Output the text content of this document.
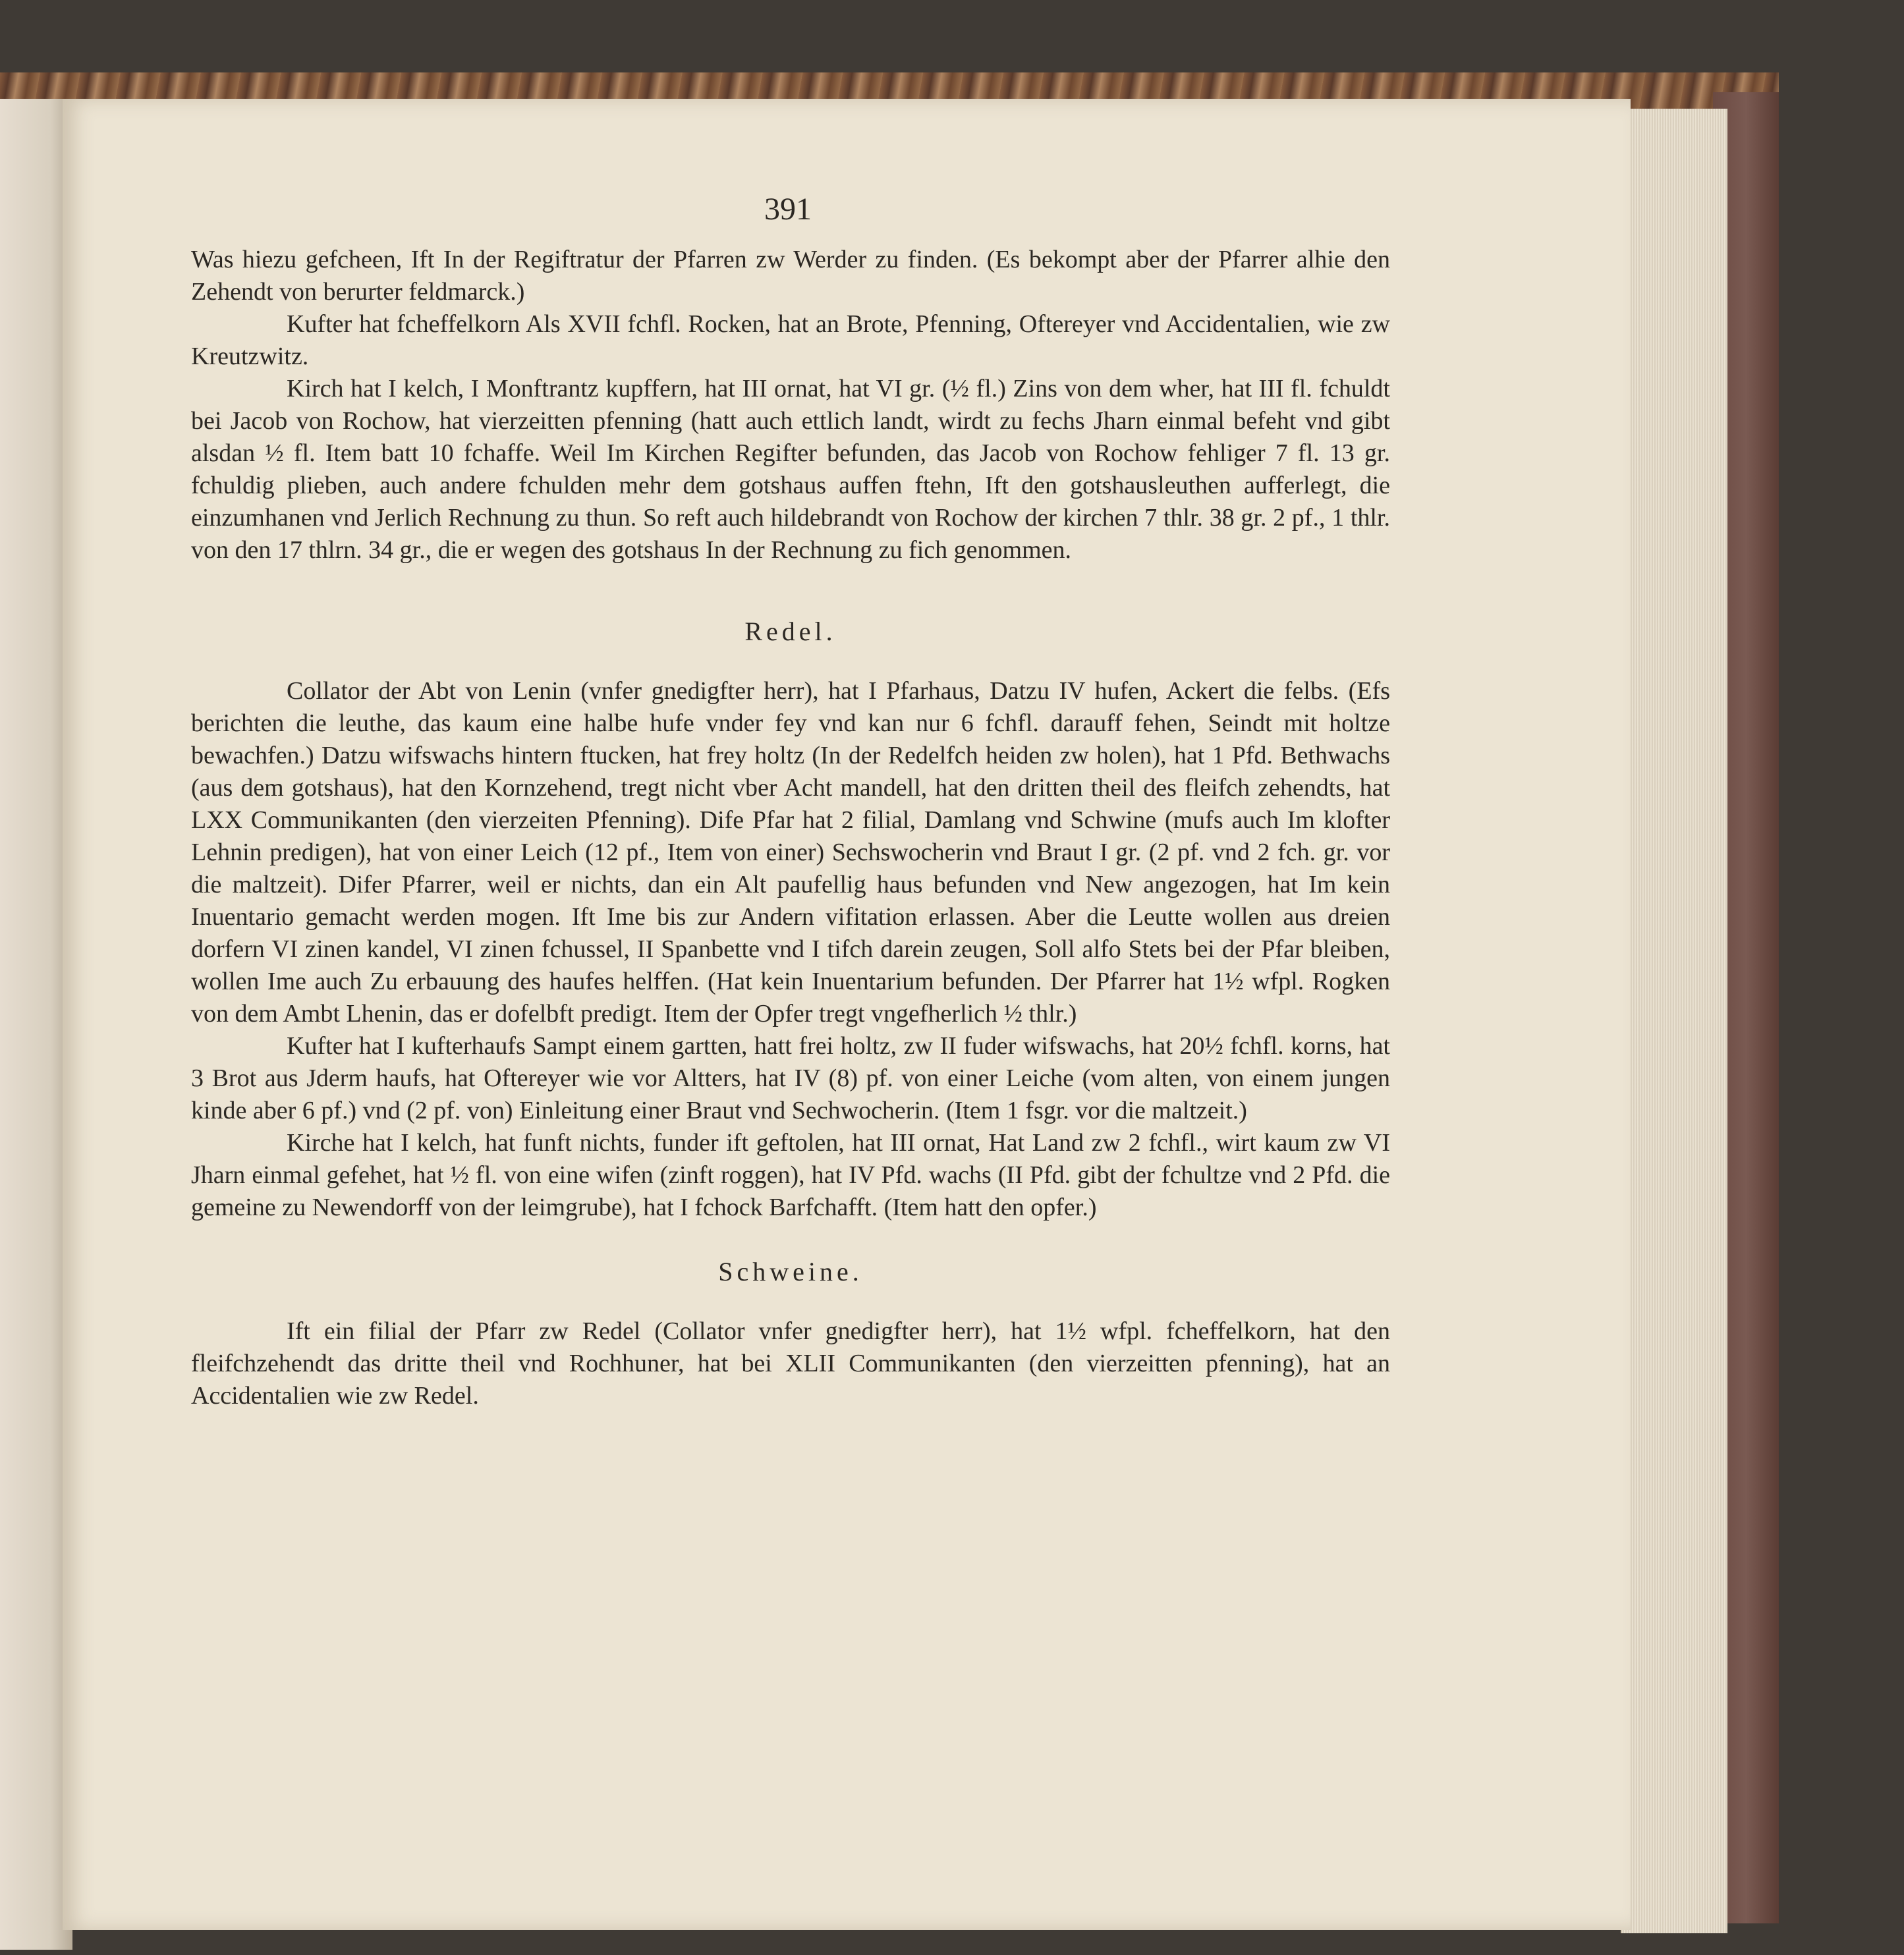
391

Was hiezu gefcheen, Ift In der Regiftratur der Pfarren zw Werder zu finden. (Es bekompt aber der Pfarrer alhie den Zehendt von berurter feldmarck.)

Kufter hat fcheffelkorn Als XVII fchfl. Rocken, hat an Brote, Pfenning, Oftereyer vnd Accidentalien, wie zw Kreutzwitz.

Kirch hat I kelch, I Monftrantz kupffern, hat III ornat, hat VI gr. (½ fl.) Zins von dem wher, hat III fl. fchuldt bei Jacob von Rochow, hat vierzeitten pfenning (hatt auch ettlich landt, wirdt zu fechs Jharn einmal befeht vnd gibt alsdan ½ fl. Item batt 10 fchaffe. Weil Im Kirchen Regifter befunden, das Jacob von Rochow fehliger 7 fl. 13 gr. fchuldig plieben, auch andere fchulden mehr dem gotshaus auffen ftehn, Ift den gotshausleuthen aufferlegt, die einzumhanen vnd Jerlich Rechnung zu thun. So reft auch hildebrandt von Rochow der kirchen 7 thlr. 38 gr. 2 pf., 1 thlr. von den 17 thlrn. 34 gr., die er wegen des gotshaus In der Rechnung zu fich genommen.

Redel.

Collator der Abt von Lenin (vnfer gnedigfter herr), hat I Pfarhaus, Datzu IV hufen, Ackert die felbs. (Efs berichten die leuthe, das kaum eine halbe hufe vnder fey vnd kan nur 6 fchfl. darauff fehen, Seindt mit holtze bewachfen.) Datzu wifswachs hintern ftucken, hat frey holtz (In der Redelfch heiden zw holen), hat 1 Pfd. Bethwachs (aus dem gotshaus), hat den Kornzehend, tregt nicht vber Acht mandell, hat den dritten theil des fleifch zehendts, hat LXX Communikanten (den vierzeiten Pfenning). Dife Pfar hat 2 filial, Damlang vnd Schwine (mufs auch Im klofter Lehnin predigen), hat von einer Leich (12 pf., Item von einer) Sechswocherin vnd Braut I gr. (2 pf. vnd 2 fch. gr. vor die maltzeit). Difer Pfarrer, weil er nichts, dan ein Alt paufellig haus befunden vnd New angezogen, hat Im kein Inuentario gemacht werden mogen. Ift Ime bis zur Andern vifitation erlassen. Aber die Leutte wollen aus dreien dorfern VI zinen kandel, VI zinen fchussel, II Spanbette vnd I tifch darein zeugen, Soll alfo Stets bei der Pfar bleiben, wollen Ime auch Zu erbauung des haufes helffen. (Hat kein Inuentarium befunden. Der Pfarrer hat 1½ wfpl. Rogken von dem Ambt Lhenin, das er dofelbft predigt. Item der Opfer tregt vngefherlich ½ thlr.)

Kufter hat I kufterhaufs Sampt einem gartten, hatt frei holtz, zw II fuder wifswachs, hat 20½ fchfl. korns, hat 3 Brot aus Jderm haufs, hat Oftereyer wie vor Altters, hat IV (8) pf. von einer Leiche (vom alten, von einem jungen kinde aber 6 pf.) vnd (2 pf. von) Einleitung einer Braut vnd Sechwocherin. (Item 1 fsgr. vor die maltzeit.)

Kirche hat I kelch, hat funft nichts, funder ift geftolen, hat III ornat, Hat Land zw 2 fchfl., wirt kaum zw VI Jharn einmal gefehet, hat ½ fl. von eine wifen (zinft roggen), hat IV Pfd. wachs (II Pfd. gibt der fchultze vnd 2 Pfd. die gemeine zu Newendorff von der leimgrube), hat I fchock Barfchafft. (Item hatt den opfer.)

Schweine.

Ift ein filial der Pfarr zw Redel (Collator vnfer gnedigfter herr), hat 1½ wfpl. fcheffelkorn, hat den fleifchzehendt das dritte theil vnd Rochhuner, hat bei XLII Communikanten (den vierzeitten pfenning), hat an Accidentalien wie zw Redel.
